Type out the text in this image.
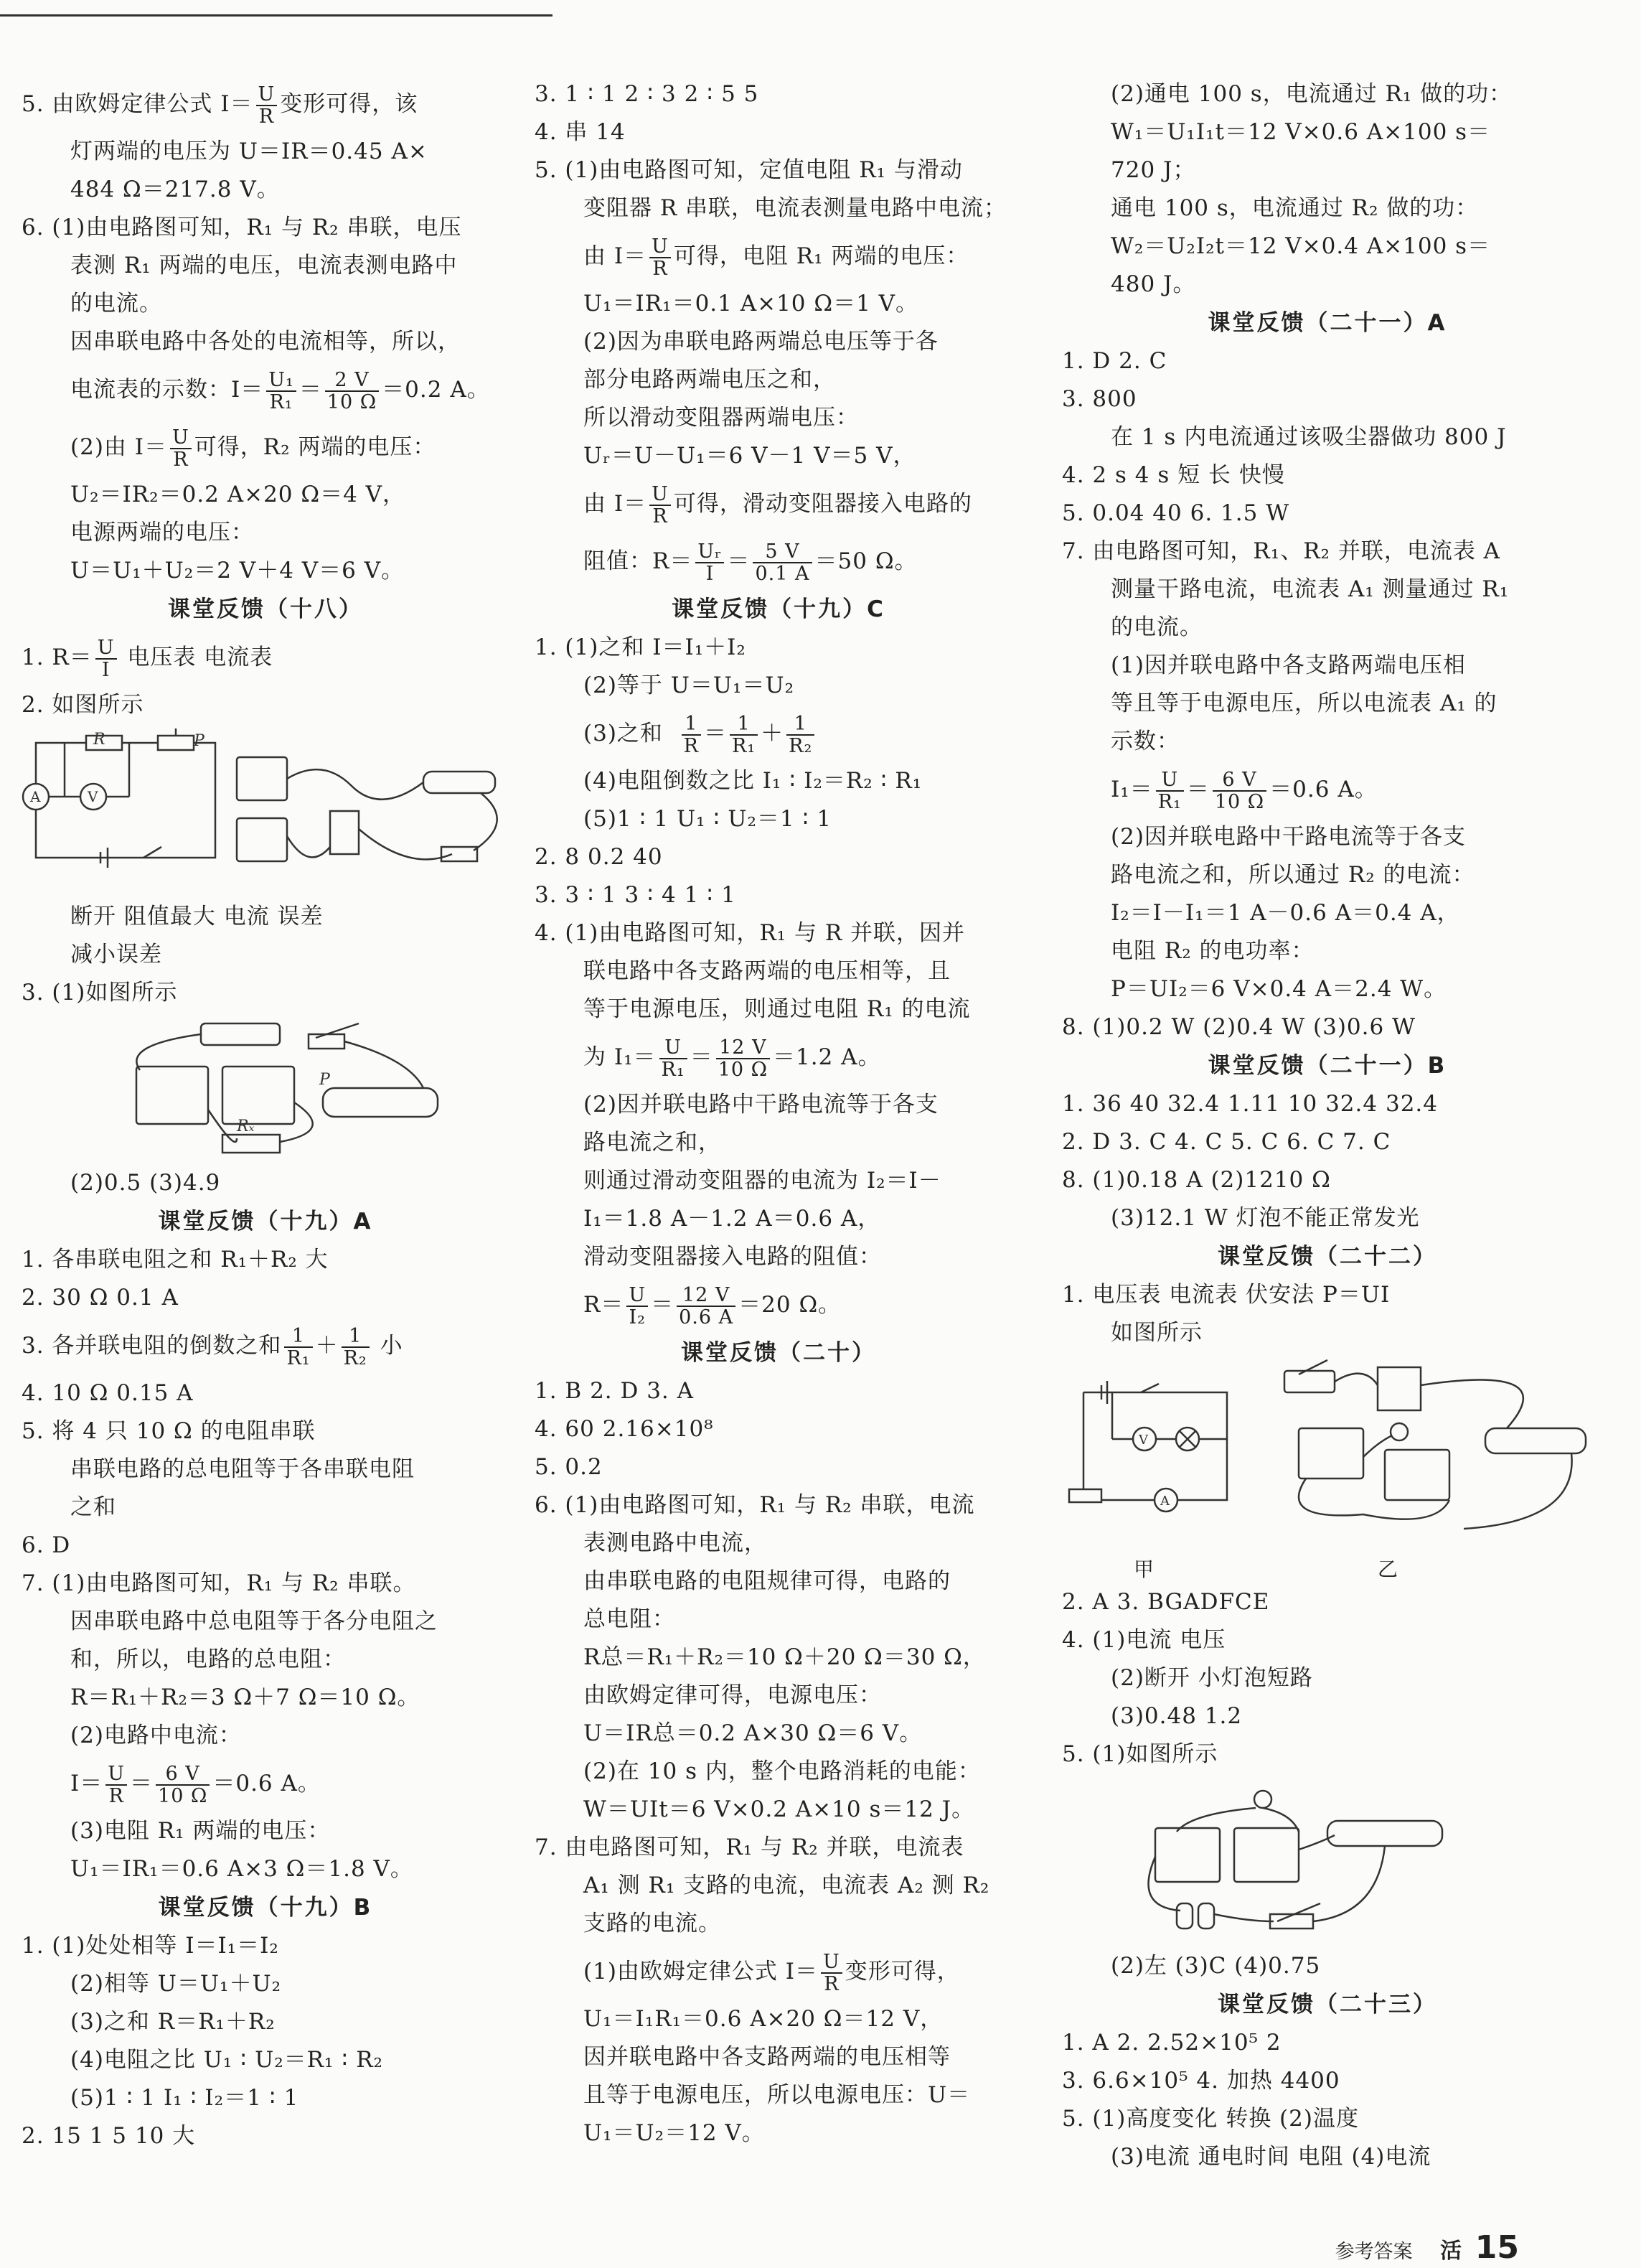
5. 由欧姆定律公式 $I= \frac{U}{R}$ 变形可得，该
灯两端的电压为 U＝IR＝0.45 A×
484 Ω＝217.8 V。
6. (1)由电路图可知，R₁ 与 R₂ 串联，电压
表测 R₁ 两端的电压，电流表测电路中
的电流。
因串联电路中各处的电流相等，所以，
电流表的示数：$I= \frac{\text{U₁}}{\text{R₁}} = \frac{2 V}{10 \Omega} =0.2$ A。
(2)由 $I= \frac{U}{R}$ 可得，R₂ 两端的电压：
U₂＝IR₂＝0.2 A×20 Ω＝4 V，
电源两端的电压：
U＝U₁＋U₂＝2 V＋4 V＝6 V。
课堂反馈（十八）
1. $R= \frac{U}{I}$ 电压表 电流表
2. 如图所示
R	P
A	V
断开 阻值最大 电流 误差
减小误差
3. (1)如图所示
P
Rₓ
(2)0.5 (3)4.9
课堂反馈（十九）A
1. 各串联电阻之和 R₁＋R₂ 大
2. 30 Ω 0.1 A
3. 各并联电阻的倒数之和 $\frac{1}{\text{R₁}} + \frac{1}{\text{R₂}}$ 小
4. 10 Ω 0.15 A
5. 将 4 只 10 Ω 的电阻串联
串联电路的总电阻等于各串联电阻
之和
6. D
7. (1)由电路图可知，R₁ 与 R₂ 串联。
因串联电路中总电阻等于各分电阻之
和，所以，电路的总电阻：
R＝R₁＋R₂＝3 Ω＋7 Ω＝10 Ω。
(2)电路中电流：
$I= \frac{U}{R} = \frac{6 V}{10 \Omega} =0.6$ A。
(3)电阻 R₁ 两端的电压：
U₁＝IR₁＝0.6 A×3 Ω＝1.8 V。
课堂反馈（十九）B
1. (1)处处相等 I＝I₁＝I₂
(2)相等 U＝U₁＋U₂
(3)之和 R＝R₁＋R₂
(4)电阻之比 U₁ ∶ U₂＝R₁ ∶ R₂
(5)1 ∶ 1 I₁ ∶ I₂＝1 ∶ 1
2. 15 1 5 10 大
3. 1 ∶ 1 2 ∶ 3 2 ∶ 5 5
4. 串 14
5. (1)由电路图可知，定值电阻 R₁ 与滑动
变阻器 R 串联，电流表测量电路中电流；
由 $I= \frac{U}{R}$ 可得，电阻 R₁ 两端的电压：
U₁＝IR₁＝0.1 A×10 Ω＝1 V。
(2)因为串联电路两端总电压等于各
部分电路两端电压之和，
所以滑动变阻器两端电压：
Uᵣ＝U－U₁＝6 V－1 V＝5 V，
由 $I= \frac{U}{R}$ 可得，滑动变阻器接入电路的
阻值：$R= \frac{\text{Uᵣ}}{I} = \frac{5 V}{0.1 A} =50$ Ω。
课堂反馈（十九）C
1. (1)之和 I＝I₁＋I₂
(2)等于 U＝U₁＝U₂
(3)之和 $\frac{1}{R} = \frac{1}{\text{R₁}} + \frac{1}{\text{R₂}}$
(4)电阻倒数之比 I₁ ∶ I₂＝R₂ ∶ R₁
(5)1 ∶ 1 U₁ ∶ U₂＝1 ∶ 1
2. 8 0.2 40
3. 3 ∶ 1 3 ∶ 4 1 ∶ 1
4. (1)由电路图可知，R₁ 与 R 并联，因并
联电路中各支路两端的电压相等，且
等于电源电压，则通过电阻 R₁ 的电流
为 $I_1= \frac{U}{\text{R₁}} = \frac{12 V}{10 \Omega} =1.2$ A。
(2)因并联电路中干路电流等于各支
路电流之和，
则通过滑动变阻器的电流为 I₂＝I－
I₁＝1.8 A－1.2 A＝0.6 A，
滑动变阻器接入电路的阻值：
$R= \frac{U}{\text{I₂}} = \frac{12 V}{0.6 A} =20$ Ω。
课堂反馈（二十）
1. B 2. D 3. A
4. 60 2.16×10⁸
5. 0.2
6. (1)由电路图可知，R₁ 与 R₂ 串联，电流
表测电路中电流，
由串联电路的电阻规律可得，电路的
总电阻：
R总＝R₁＋R₂＝10 Ω＋20 Ω＝30 Ω，
由欧姆定律可得，电源电压：
U＝IR总＝0.2 A×30 Ω＝6 V。
(2)在 10 s 内，整个电路消耗的电能：
W＝UIt＝6 V×0.2 A×10 s＝12 J。
7. 由电路图可知，R₁ 与 R₂ 并联，电流表
A₁ 测 R₁ 支路的电流，电流表 A₂ 测 R₂
支路的电流。
(1)由欧姆定律公式 $I= \frac{U}{R}$ 变形可得，
U₁＝I₁R₁＝0.6 A×20 Ω＝12 V，
因并联电路中各支路两端的电压相等
且等于电源电压，所以电源电压：U＝
U₁＝U₂＝12 V。
(2)通电 100 s，电流通过 R₁ 做的功：
W₁＝U₁I₁t＝12 V×0.6 A×100 s＝
720 J；
通电 100 s，电流通过 R₂ 做的功：
W₂＝U₂I₂t＝12 V×0.4 A×100 s＝
480 J。
课堂反馈（二十一）A
1. D 2. C
3. 800
在 1 s 内电流通过该吸尘器做功 800 J
4. 2 s 4 s 短 长 快慢
5. 0.04 40 6. 1.5 W
7. 由电路图可知，R₁、R₂ 并联，电流表 A
测量干路电流，电流表 A₁ 测量通过 R₁
的电流。
(1)因并联电路中各支路两端电压相
等且等于电源电压，所以电流表 A₁ 的
示数：
$I_1= \frac{U}{\text{R₁}} = \frac{6 V}{10 \Omega} =0.6$ A。
(2)因并联电路中干路电流等于各支
路电流之和，所以通过 R₂ 的电流：
I₂＝I－I₁＝1 A－0.6 A＝0.4 A，
电阻 R₂ 的电功率：
P＝UI₂＝6 V×0.4 A＝2.4 W。
8. (1)0.2 W (2)0.4 W (3)0.6 W
课堂反馈（二十一）B
1. 36 40 32.4 1.11 10 32.4 32.4
2. D 3. C 4. C 5. C 6. C 7. C
8. (1)0.18 A (2)1210 Ω
(3)12.1 W 灯泡不能正常发光
课堂反馈（二十二）
1. 电压表 电流表 伏安法 P＝UI
如图所示
V
A
甲	乙
2. A 3. BGADFCE
4. (1)电流 电压
(2)断开 小灯泡短路
(3)0.48 1.2
5. (1)如图所示
(2)左 (3)C (4)0.75
课堂反馈（二十三）
1. A 2. 2.52×10⁵ 2
3. 6.6×10⁵ 4. 加热 4400
5. (1)高度变化 转换 (2)温度
(3)电流 通电时间 电阻 (4)电流
参考答案 活 15
